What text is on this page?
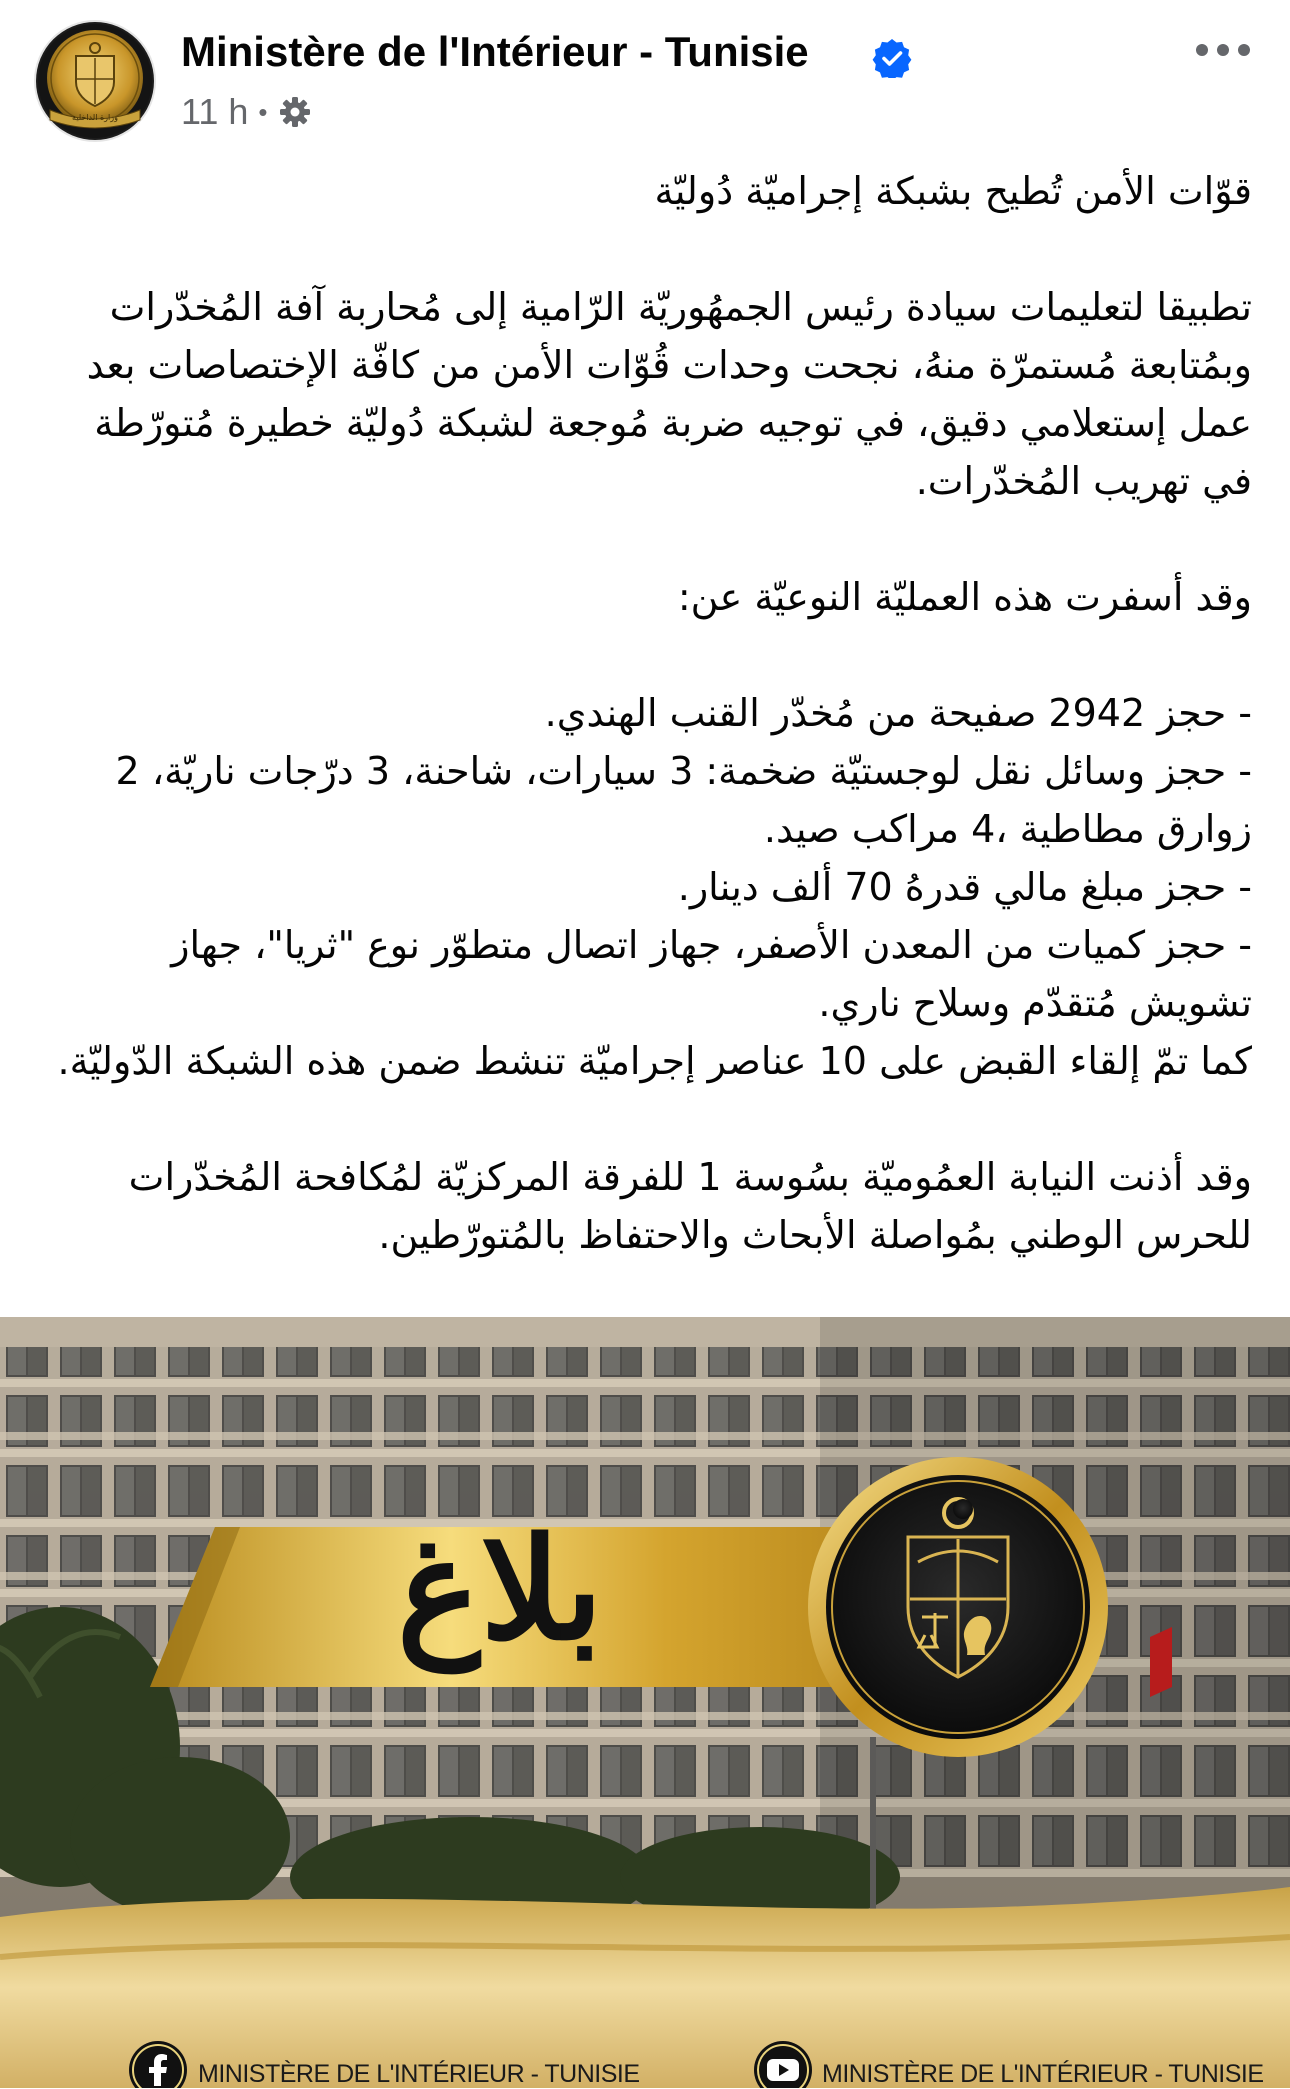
وزارة الداخلية
Ministère de l'Intérieur - Tunisie
11 h •

قوّات الأمن تُطيح بشبكة إجراميّة دُوليّة

تطبيقا لتعليمات سيادة رئيس الجمهُوريّة الرّامية إلى مُحاربة آفة المُخدّرات وبمُتابعة مُستمرّة منهُ، نجحت وحدات قُوّات الأمن من كافّة الإختصاصات بعد عمل إستعلامي دقيق، في توجيه ضربة مُوجعة لشبكة دُوليّة خطيرة مُتورّطة في تهريب المُخدّرات.

وقد أسفرت هذه العمليّة النوعيّة عن:

- حجز 2942 صفيحة من مُخدّر القنب الهندي.

- حجز وسائل نقل لوجستيّة ضخمة: 3 سيارات، شاحنة، 3 درّجات ناريّة، 2 زوارق مطاطية ،4 مراكب صيد.

- حجز مبلغ مالي قدرهُ 70 ألف دينار.

- حجز كميات من المعدن الأصفر، جهاز اتصال متطوّر نوع "ثريا"، جهاز تشويش مُتقدّم وسلاح ناري.

كما تمّ إلقاء القبض على 10 عناصر إجراميّة تنشط ضمن هذه الشبكة الدّوليّة.

وقد أذنت النيابة العمُوميّة بسُوسة 1 للفرقة المركزيّة لمُكافحة المُخدّرات للحرس الوطني بمُواصلة الأبحاث والاحتفاظ بالمُتورّطين.

بلاغ
MINISTÈRE DE L'INTÉRIEUR - TUNISIE	MINISTÈRE DE L'INTÉRIEUR - TUNISIE
